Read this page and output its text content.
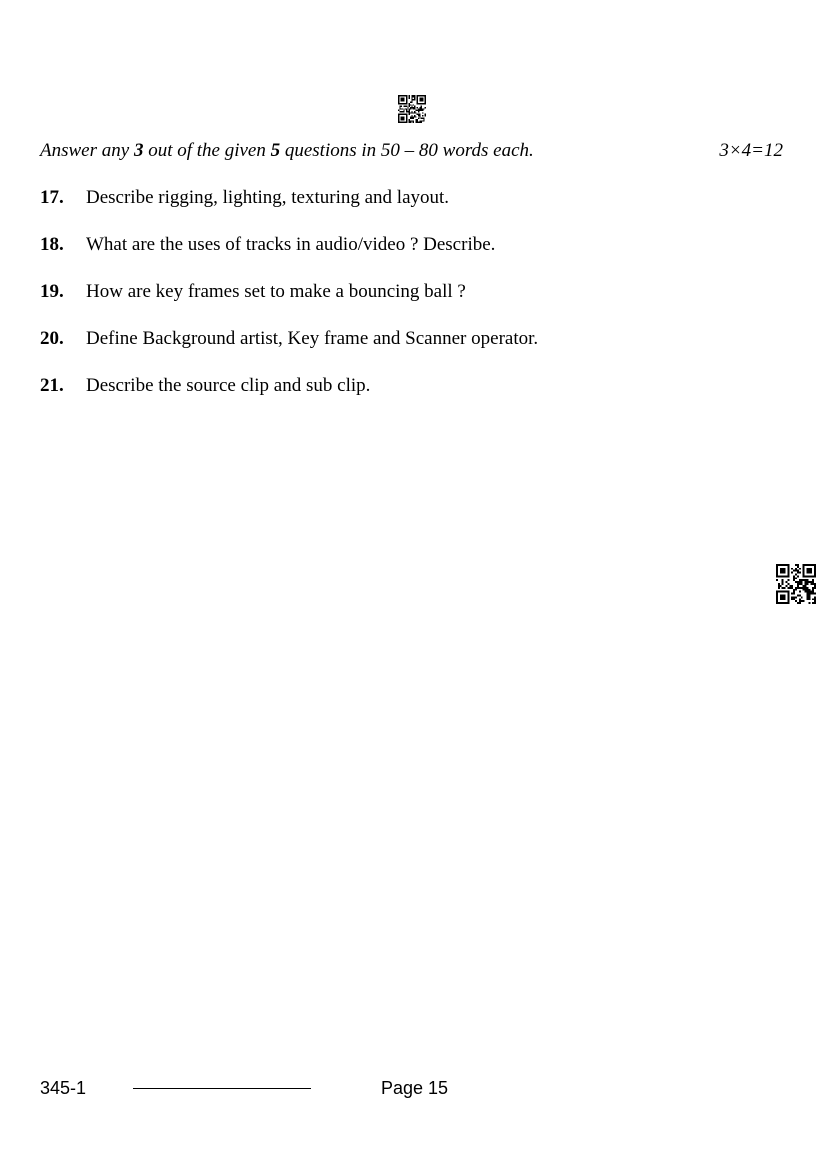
Answer any 3 out of the given 5 questions in 50 – 80 words each.	3×4=12
17. Describe rigging, lighting, texturing and layout.
18. What are the uses of tracks in audio/video ? Describe.
19. How are key frames set to make a bouncing ball ?
20. Define Background artist, Key frame and Scanner operator.
21. Describe the source clip and sub clip.
345-1	Page 15
